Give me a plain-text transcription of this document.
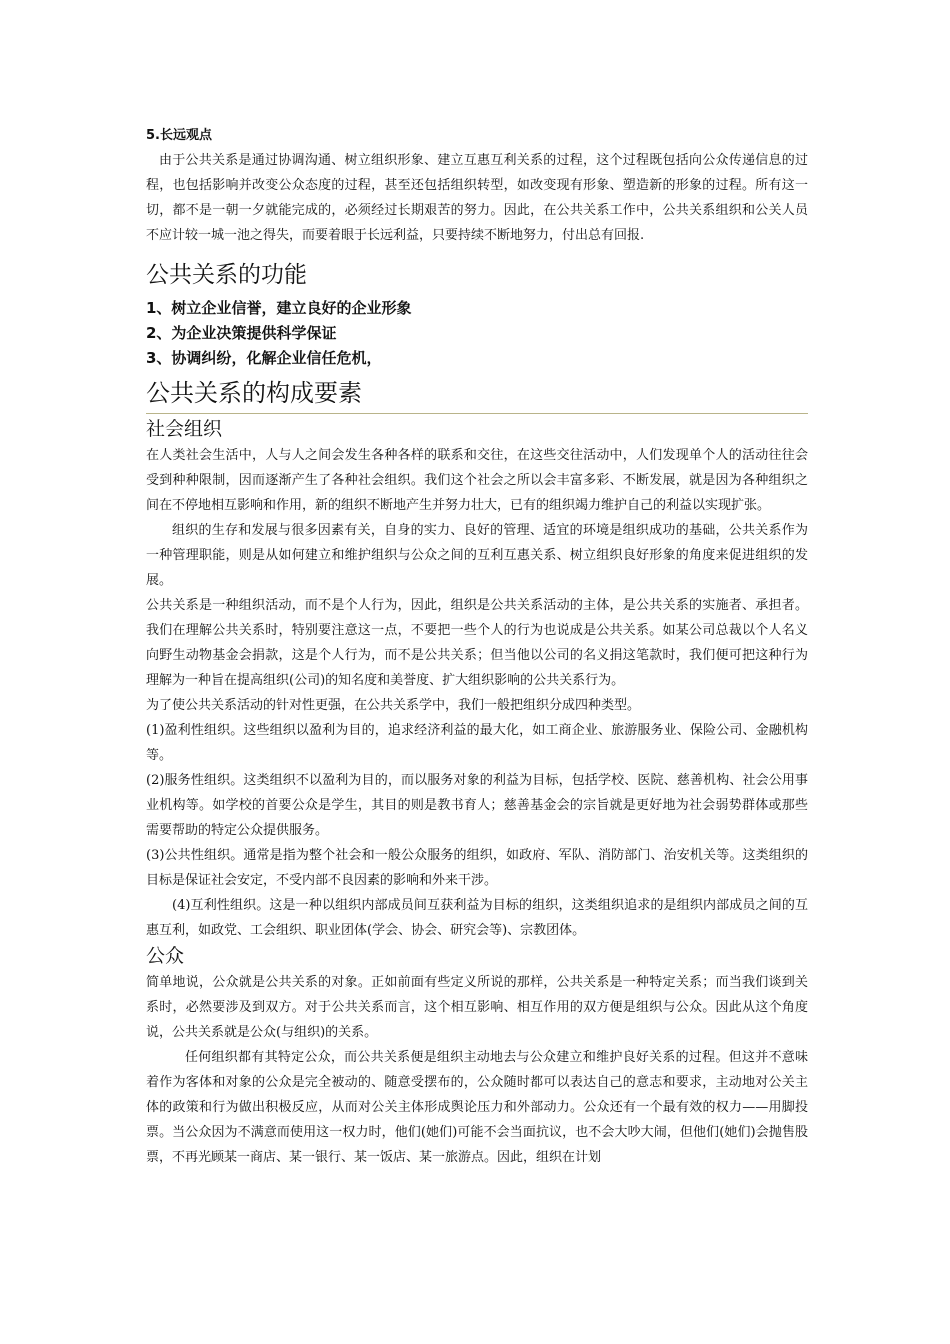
5.长远观点

由于公共关系是通过协调沟通、树立组织形象、建立互惠互利关系的过程，这个过程既包括向公众传递信息的过程，也包括影响并改变公众态度的过程，甚至还包括组织转型，如改变现有形象、塑造新的形象的过程。所有这一切，都不是一朝一夕就能完成的，必须经过长期艰苦的努力。因此，在公共关系工作中，公共关系组织和公关人员不应计较一城一池之得失，而要着眼于长远利益，只要持续不断地努力，付出总有回报.

公共关系的功能
1、树立企业信誉，建立良好的企业形象
2、为企业决策提供科学保证
3、协调纠纷，化解企业信任危机，
公共关系的构成要素
社会组织

在人类社会生活中，人与人之间会发生各种各样的联系和交往，在这些交往活动中，人们发现单个人的活动往往会受到种种限制，因而逐渐产生了各种社会组织。我们这个社会之所以会丰富多彩、不断发展，就是因为各种组织之间在不停地相互影响和作用，新的组织不断地产生并努力壮大，已有的组织竭力维护自己的利益以实现扩张。

组织的生存和发展与很多因素有关，自身的实力、良好的管理、适宜的环境是组织成功的基础，公共关系作为一种管理职能，则是从如何建立和维护组织与公众之间的互利互惠关系、树立组织良好形象的角度来促进组织的发展。

公共关系是一种组织活动，而不是个人行为，因此，组织是公共关系活动的主体，是公共关系的实施者、承担者。我们在理解公共关系时，特别要注意这一点，不要把一些个人的行为也说成是公共关系。如某公司总裁以个人名义向野生动物基金会捐款，这是个人行为，而不是公共关系；但当他以公司的名义捐这笔款时，我们便可把这种行为理解为一种旨在提高组织(公司)的知名度和美誉度、扩大组织影响的公共关系行为。

为了使公共关系活动的针对性更强，在公共关系学中，我们一般把组织分成四种类型。

(1)盈利性组织。这些组织以盈利为目的，追求经济利益的最大化，如工商企业、旅游服务业、保险公司、金融机构等。

(2)服务性组织。这类组织不以盈利为目的，而以服务对象的利益为目标，包括学校、医院、慈善机构、社会公用事业机构等。如学校的首要公众是学生，其目的则是教书育人；慈善基金会的宗旨就是更好地为社会弱势群体或那些需要帮助的特定公众提供服务。

(3)公共性组织。通常是指为整个社会和一般公众服务的组织，如政府、军队、消防部门、治安机关等。这类组织的目标是保证社会安定，不受内部不良因素的影响和外来干涉。

(4)互利性组织。这是一种以组织内部成员间互获利益为目标的组织，这类组织追求的是组织内部成员之间的互惠互利，如政党、工会组织、职业团体(学会、协会、研究会等)、宗教团体。

公众

简单地说，公众就是公共关系的对象。正如前面有些定义所说的那样，公共关系是一种特定关系；而当我们谈到关系时，必然要涉及到双方。对于公共关系而言，这个相互影响、相互作用的双方便是组织与公众。因此从这个角度说，公共关系就是公众(与组织)的关系。

任何组织都有其特定公众，而公共关系便是组织主动地去与公众建立和维护良好关系的过程。但这并不意味着作为客体和对象的公众是完全被动的、随意受摆布的，公众随时都可以表达自己的意志和要求，主动地对公关主体的政策和行为做出积极反应，从而对公关主体形成舆论压力和外部动力。公众还有一个最有效的权力——用脚投票。当公众因为不满意而使用这一权力时，他们(她们)可能不会当面抗议，也不会大吵大闹，但他们(她们)会抛售股票，不再光顾某一商店、某一银行、某一饭店、某一旅游点。因此，组织在计划
